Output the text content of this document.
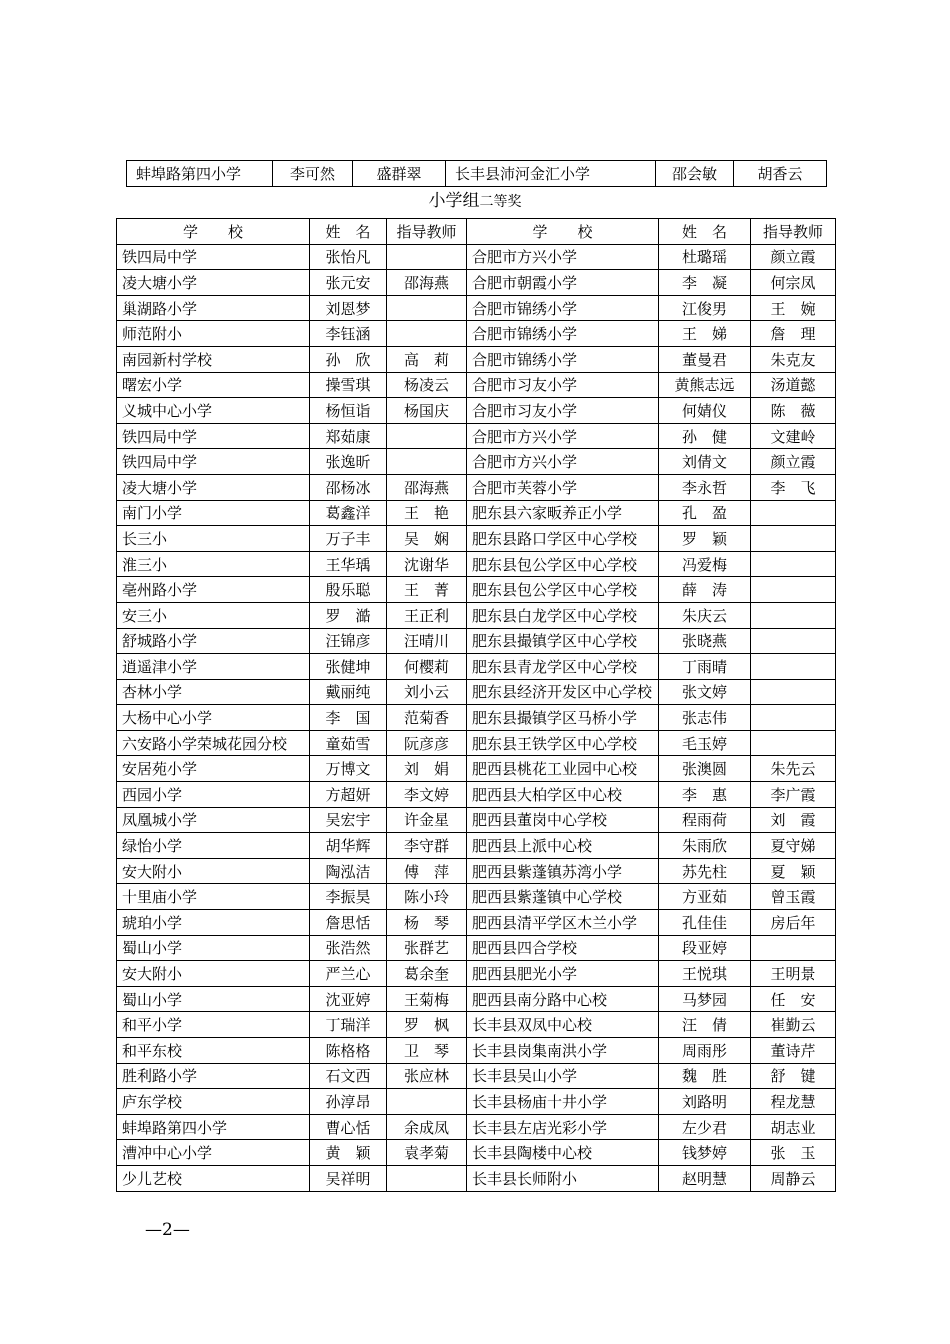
蚌埠路第四小学	李可然	盛群翠	长丰县沛河金汇小学	邵会敏	胡香云
小学组二等奖
学　　校	姓　名	指导教师	学　　校	姓　名	指导教师
铁四局中学	张怡凡		合肥市方兴小学	杜璐瑶	颜立霞
凌大塘小学	张元安	邵海燕	合肥市朝霞小学	李　凝	何宗凤
巢湖路小学	刘恩梦		合肥市锦绣小学	江俊男	王　婉
师范附小	李钰涵		合肥市锦绣小学	王　娣	詹　理
南园新村学校	孙　欣	高　莉	合肥市锦绣小学	董曼君	朱克友
曙宏小学	操雪琪	杨凌云	合肥市习友小学	黄熊志远	汤道懿
义城中心小学	杨恒诣	杨国庆	合肥市习友小学	何婧仪	陈　薇
铁四局中学	郑茹康		合肥市方兴小学	孙　健	文建岭
铁四局中学	张逸昕		合肥市方兴小学	刘倩文	颜立霞
凌大塘小学	邵杨冰	邵海燕	合肥市芙蓉小学	李永哲	李　飞
南门小学	葛鑫洋	王　艳	肥东县六家畈养正小学	孔　盈	
长三小	万子丰	吴　娴	肥东县路口学区中心学校	罗　颖	
淮三小	王华瑀	沈谢华	肥东县包公学区中心学校	冯爱梅	
亳州路小学	殷乐聪	王　菁	肥东县包公学区中心学校	薛　涛	
安三小	罗　澔	王正利	肥东县白龙学区中心学校	朱庆云	
舒城路小学	汪锦彦	汪晴川	肥东县撮镇学区中心学校	张晓燕	
逍遥津小学	张健坤	何樱莉	肥东县青龙学区中心学校	丁雨晴	
杏林小学	戴丽纯	刘小云	肥东县经济开发区中心学校	张文婷	
大杨中心小学	李　国	范菊香	肥东县撮镇学区马桥小学	张志伟	
六安路小学荣城花园分校	童茹雪	阮彦彦	肥东县王铁学区中心学校	毛玉婷	
安居苑小学	万博文	刘　娟	肥西县桃花工业园中心校	张澳圆	朱先云
西园小学	方超妍	李文婷	肥西县大柏学区中心校	李　惠	李广霞
凤凰城小学	吴宏宇	许金星	肥西县董岗中心学校	程雨荷	刘　霞
绿怡小学	胡华辉	李守群	肥西县上派中心校	朱雨欣	夏守娣
安大附小	陶泓洁	傅　萍	肥西县紫蓬镇苏湾小学	苏先柱	夏　颖
十里庙小学	李振昊	陈小玲	肥西县紫蓬镇中心学校	方亚茹	曾玉霞
琥珀小学	詹思恬	杨　琴	肥西县清平学区木兰小学	孔佳佳	房后年
蜀山小学	张浩然	张群艺	肥西县四合学校	段亚婷	
安大附小	严兰心	葛余奎	肥西县肥光小学	王悦琪	王明景
蜀山小学	沈亚婷	王菊梅	肥西县南分路中心校	马梦园	任　安
和平小学	丁瑞洋	罗　枫	长丰县双凤中心校	汪　倩	崔勤云
和平东校	陈格格	卫　琴	长丰县岗集南洪小学	周雨彤	董诗芹
胜利路小学	石文西	张应林	长丰县吴山小学	魏　胜	舒　键
庐东学校	孙淳昂		长丰县杨庙十井小学	刘路明	程龙慧
蚌埠路第四小学	曹心恬	余成凤	长丰县左店光彩小学	左少君	胡志业
漕冲中心小学	黄　颖	袁孝菊	长丰县陶楼中心校	钱梦婷	张　玉
少儿艺校	吴祥明		长丰县长师附小	赵明慧	周静云
—2—
